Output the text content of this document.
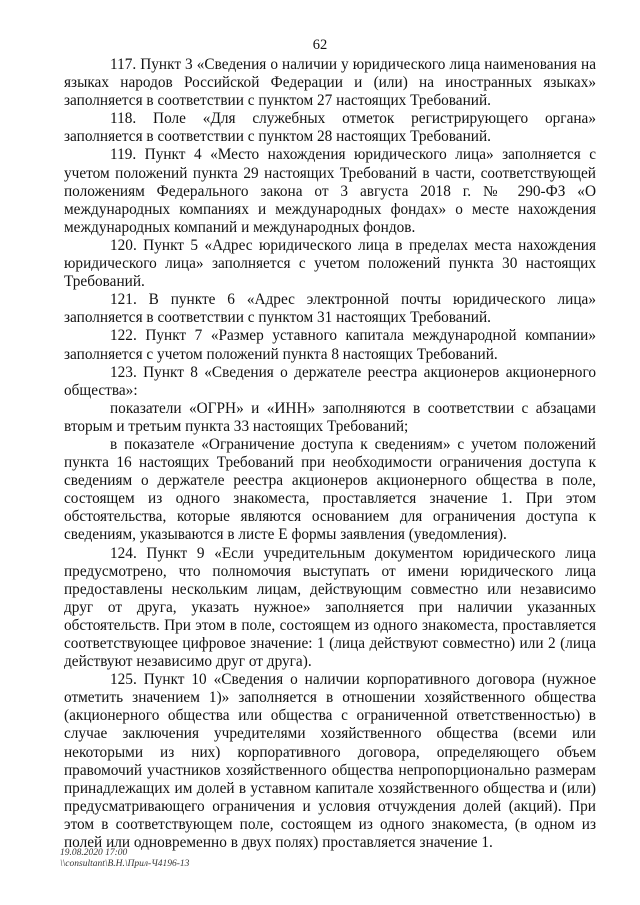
62

117. Пункт 3 «Сведения о наличии у юридического лица наименования на языках народов Российской Федерации и (или) на иностранных языках» заполняется в соответствии с пунктом 27 настоящих Требований.

118. Поле «Для служебных отметок регистрирующего органа» заполняется в соответствии с пунктом 28 настоящих Требований.

119. Пункт 4 «Место нахождения юридического лица» заполняется с учетом положений пункта 29 настоящих Требований в части, соответствующей положениям Федерального закона от 3 августа 2018 г. № 290-ФЗ «О международных компаниях и международных фондах» о месте нахождения международных компаний и международных фондов.

120. Пункт 5 «Адрес юридического лица в пределах места нахождения юридического лица» заполняется с учетом положений пункта 30 настоящих Требований.

121. В пункте 6 «Адрес электронной почты юридического лица» заполняется в соответствии с пунктом 31 настоящих Требований.

122. Пункт 7 «Размер уставного капитала международной компании» заполняется с учетом положений пункта 8 настоящих Требований.

123. Пункт 8 «Сведения о держателе реестра акционеров акционерного общества»:

показатели «ОГРН» и «ИНН» заполняются в соответствии с абзацами вторым и третьим пункта 33 настоящих Требований;

в показателе «Ограничение доступа к сведениям» с учетом положений пункта 16 настоящих Требований при необходимости ограничения доступа к сведениям о держателе реестра акционеров акционерного общества в поле, состоящем из одного знакоместа, проставляется значение 1. При этом обстоятельства, которые являются основанием для ограничения доступа к сведениям, указываются в листе Е формы заявления (уведомления).

124. Пункт 9 «Если учредительным документом юридического лица предусмотрено, что полномочия выступать от имени юридического лица предоставлены нескольким лицам, действующим совместно или независимо друг от друга, указать нужное» заполняется при наличии указанных обстоятельств. При этом в поле, состоящем из одного знакоместа, проставляется соответствующее цифровое значение: 1 (лица действуют совместно) или 2 (лица действуют независимо друг от друга).

125. Пункт 10 «Сведения о наличии корпоративного договора (нужное отметить значением 1)» заполняется в отношении хозяйственного общества (акционерного общества или общества с ограниченной ответственностью) в случае заключения учредителями хозяйственного общества (всеми или некоторыми из них) корпоративного договора, определяющего объем правомочий участников хозяйственного общества непропорционально размерам принадлежащих им долей в уставном капитале хозяйственного общества и (или) предусматривающего ограничения и условия отчуждения долей (акций). При этом в соответствующем поле, состоящем из одного знакоместа, (в одном из полей или одновременно в двух полях) проставляется значение 1.

19.08.2020 17:00
\\consultant\В.Н.\Прил-Ч4196-13
